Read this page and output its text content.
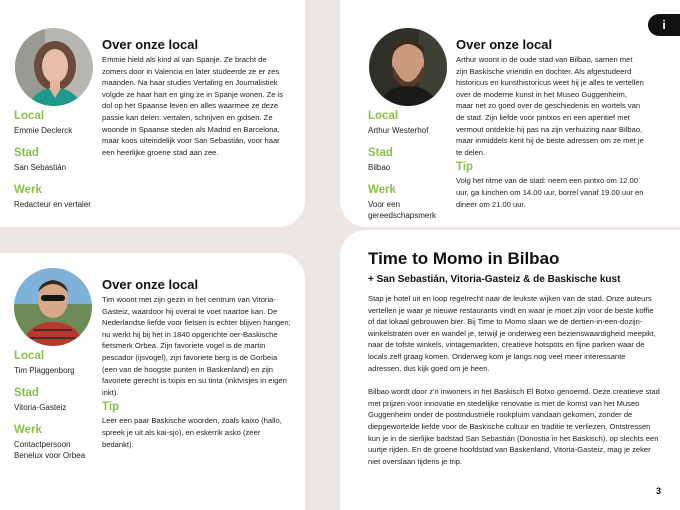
Local

Emmie Declerck

Stad

San Sebastián

Werk

Redacteur en vertaler

Over onze local

Emmie hield als kind al van Spanje. Ze bracht de zomers door in Valencia en later studeerde ze er zes maanden. Na haar studies Vertaling en Journalistiek volgde ze haar hart en ging ze in Spanje wonen. Ze is dol op het Spaanse leven en alles waarmee ze deze passie kan delen: vertalen, schrijven en gidsen. Ze woonde in Spaanse steden als Madrid en Barcelona, maar koos uiteindelijk voor San Sebastián, voor haar een heerlijke groene stad aan zee.

Local

Arthur Westerhof

Stad

Bilbao

Werk

Voor een gereedschapsmerk

Over onze local

Arthur woont in de oude stad van Bilbao, samen met zijn Baskische vriendin en dochter. Als afgestudeerd historicus en kunsthistoricus weet hij je alles te vertellen over de moderne kunst in het Museo Guggenheim, maar net zo goed over de geschiedenis en wortels van de stad. Zijn liefde voor pintxos en een aperitief met vermout ontdekte hij pas na zijn verhuizing naar Bilbao, maar inmiddels kent hij de beste adressen om ze met je te delen.

Tip

Volg het ritme van de stad: neem een pintxo om 12.00 uur, ga lunchen om 14.00 uur, borrel vanaf 19.00 uur en dineer om 21.00 uur.

i

Local

Tim Plaggenborg

Stad

Vitoria-Gasteiz

Werk

Contactpersoon Benelux voor Orbea

Over onze local

Tim woont met zijn gezin in het centrum van Vitoria-Gasteiz, waardoor hij overal te voet naartoe kan. De Nederlandse liefde voor fietsen is echter blijven hangen; nu werkt hij bij het in 1840 opgerichte oer-Baskische fietsmerk Orbea. Zijn favoriete vogel is de martin pescador (ijsvogel), zijn favoriete berg is de Gorbeia (een van de hoogste punten in Baskenland) en zijn favoriete gerecht is txipis en su tinta (inktvisjes in eigen inkt).

Tip

Leer een paar Baskische woorden, zoals kaixo (hallo, spreek je uit als kai-sjo), en eskerrik asko (zeer bedankt).

Time to Momo in Bilbao
+ San Sebastián, Vitoria-Gasteiz & de Baskische kust

Stap je hotel uit en loop regelrecht naar de leukste wijken van de stad. Onze auteurs vertellen je waar je nieuwe restaurants vindt en waar je moet zijn voor de beste koffie of dat lokaal gebrouwen bier. Bij Time to Momo slaan we de dertien-in-een-dozijn-winkelstraten over en wandel je, terwijl je onderweg een bezienswaardigheid meepikt, naar de tofste winkels, vintagemarkten, creatieve hotspots en fijne parken waar de locals zelf graag komen. Onderweg kom je langs nog veel meer interessante adressen, dus kijk goed om je heen.

Bilbao wordt door z'n inwoners in het Baskisch El Botxo genoemd. Deze creatieve stad met prijzen voor innovatie en stedelijke renovatie is met de komst van het Museo Guggenheim onder de postindustriële rookpluim vandaan gekomen, zonder de diepgewortelde liefde voor de Baskische cultuur en traditie te verliezen. Ontstressen kun je in de sierlijke badstad San Sebastián (Donostia in het Baskisch), op slechts een uurtje rijden. En de groene hoofdstad van Baskenland, Vitoria-Gasteiz, mag je zeker niet overslaan tijdens je trip.

3
